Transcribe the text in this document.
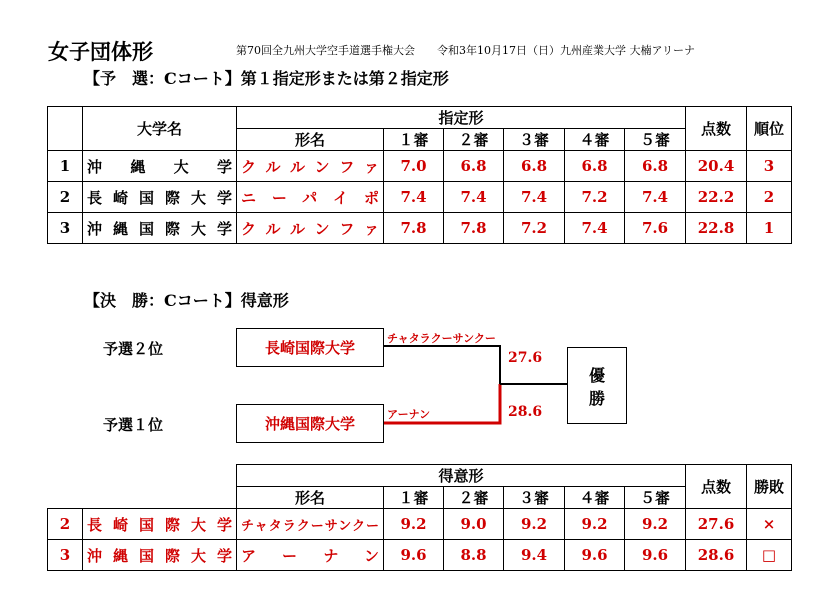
女子団体形	第70回全九州大学空手道選手権大会　　令和3年10月17日（日）九州産業大学 大楠アリーナ
【予　選：Cコート】第１指定形または第２指定形
	大学名	指定形						点数	順位
		形名	１審	２審	３審	４審	５審		
1	沖縄大学	クルルンファ	7.0	6.8	6.8	6.8	6.8	20.4	3
2	長崎国際大学	ニーパイポ	7.4	7.4	7.4	7.2	7.4	22.2	2
3	沖縄国際大学	クルルンファ	7.8	7.8	7.2	7.4	7.6	22.8	1
【決　勝：Cコート】得意形
予選２位
予選１位
長崎国際大学
沖縄国際大学
チャタラクーサンクー
アーナン
27.6
28.6
優
勝
		得意形						点数	勝敗
		形名	１審	２審	３審	４審	５審		
2	長崎国際大学	チャタラクーサンクー	9.2	9.0	9.2	9.2	9.2	27.6	×
3	沖縄国際大学	アーナン	9.6	8.8	9.4	9.6	9.6	28.6	□
